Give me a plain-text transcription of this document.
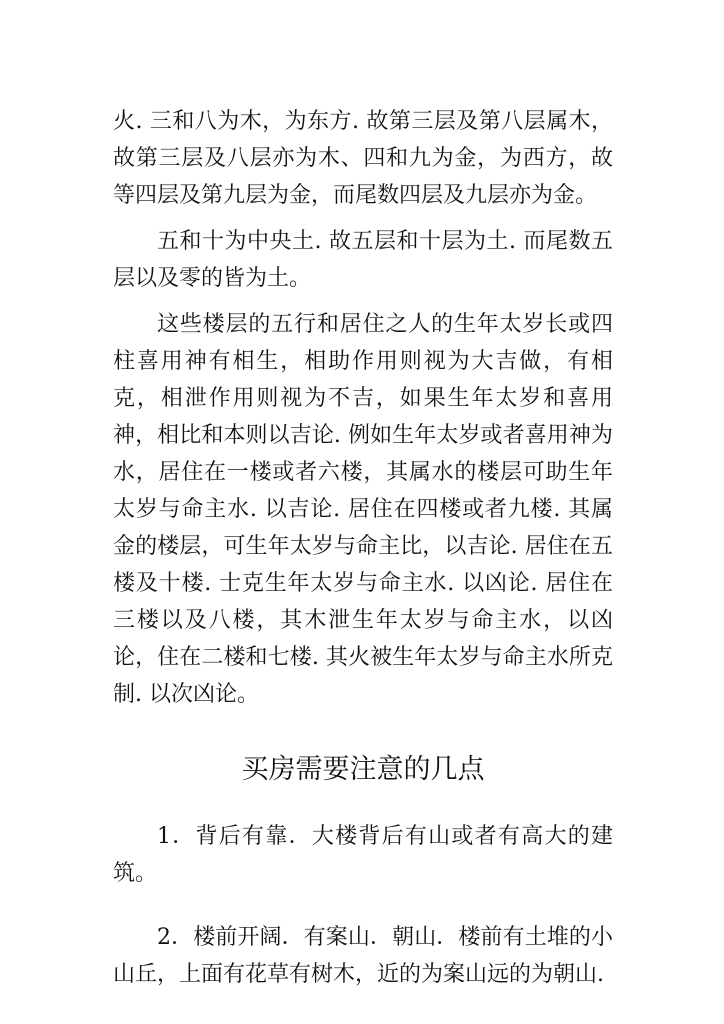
火. 三和八为木，为东方. 故第三层及第八层属木，故第三层及八层亦为木、四和九为金，为西方，故等四层及第九层为金，而尾数四层及九层亦为金。

五和十为中央土. 故五层和十层为土. 而尾数五层以及零的皆为土。

这些楼层的五行和居住之人的生年太岁长或四柱喜用神有相生，相助作用则视为大吉做，有相克，相泄作用则视为不吉，如果生年太岁和喜用神，相比和本则以吉论. 例如生年太岁或者喜用神为水，居住在一楼或者六楼，其属水的楼层可助生年太岁与命主水. 以吉论. 居住在四楼或者九楼. 其属金的楼层，可生年太岁与命主比，以吉论. 居住在五楼及十楼. 士克生年太岁与命主水. 以凶论. 居住在三楼以及八楼，其木泄生年太岁与命主水，以凶论，住在二楼和七楼. 其火被生年太岁与命主水所克制. 以次凶论。

买房需要注意的几点

1．背后有靠．大楼背后有山或者有高大的建筑。

2．楼前开阔．有案山．朝山．楼前有土堆的小山丘，上面有花草有树木，近的为案山远的为朝山.
